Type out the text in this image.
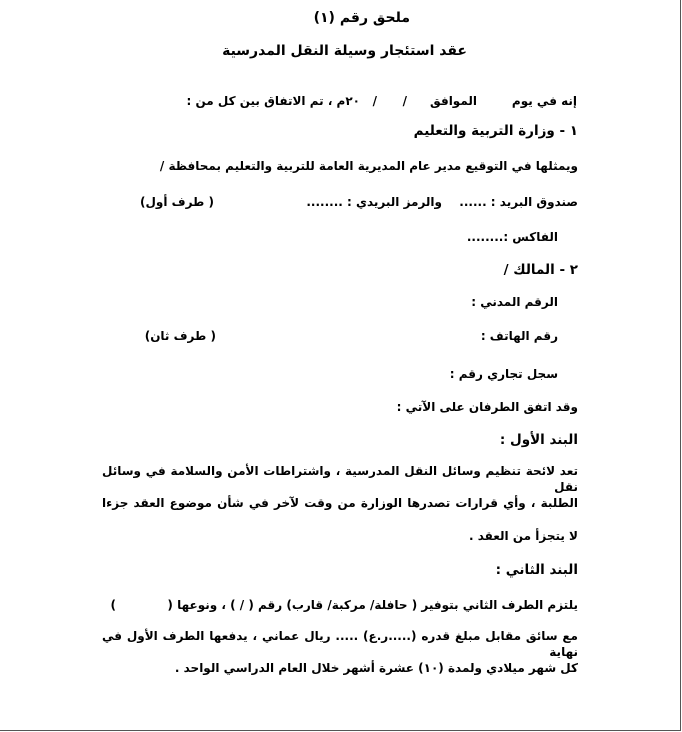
ملحق رقم (١)
عقد استئجار وسيلة النقل المدرسية
إنه في يوم
الموافق
/
/
٢٠م ، تم الاتفاق بين كل من :
١ - وزارة التربية والتعليم
ويمثلها في التوقيع مدير عام المديرية العامة للتربية والتعليم بمحافظة /
صندوق البريد : ......
والرمز البريدي : ........
( طرف أول)
الفاكس :........
٢ - المالك /
الرقم المدني :
رقم الهاتف :
( طرف ثان)
سجل تجاري رقم :
وقد اتفق الطرفان على الآتي :
البند الأول :
تعد لائحة تنظيم وسائل النقل المدرسية ، واشتراطات الأمن والسلامة في وسائل نقل
الطلبة ، وأي قرارات تصدرها الوزارة من وقت لآخر في شأن موضوع العقد جزءا
لا يتجزأ من العقد .
البند الثاني :
يلتزم الطرف الثاني بتوفير ( حافلة/ مركبة/ قارب) رقم ( / ) ، ونوعها (
)
مع سائق مقابل مبلغ قدره (.....ر.ع) ..... ريال عماني ، يدفعها الطرف الأول في نهاية
كل شهر ميلادي ولمدة (١٠) عشرة أشهر خلال العام الدراسي الواحد .
